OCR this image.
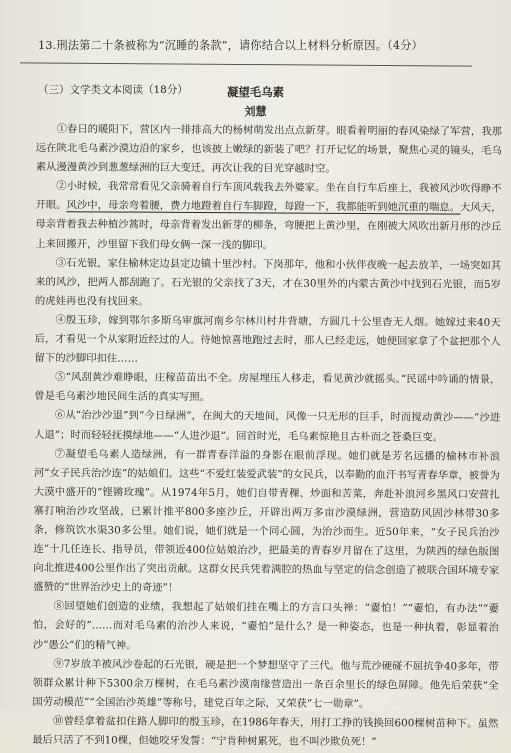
13.刑法第二十条被称为“沉睡的条款”，请你结合以上材料分析原因。（4分）
（三）文学类文本阅读（18分）	凝望毛乌素
刘慧

①春日的暖阳下，营区内一排排高大的杨树萌发出点点新芽。眼看着明丽的春风染绿了军营，我那远在陕北毛乌素沙漠边沿的家乡，也该披上嫩绿的新装了吧？打开记忆的场景，聚焦心灵的镜头，毛乌素从漫漫黄沙到葱葱绿洲的巨大变迁，再次让我的目光穿越时空。

②小时候，我常常看见父亲骑着自行车顶风载我去外婆家。坐在自行车后座上，我被风沙吹得睁不开眼。风沙中，母亲弯着腰，费力地蹬着自行车脚蹬，每蹬一下，我都能听到她沉重的喘息。大风天，母亲背着我去种植沙蒿时，母亲背着发出新芽的柳条，弯腰把上黄沙里，在刚被大风吹出新月形的沙丘上来回搬开，沙里留下我们母女俩一深一浅的脚印。

③石光银，家住榆林定边县定边镇十里沙村。下岗那年，他和小伙伴夜晚一起去放羊，一场突如其来的风沙，把两人都刮跑了。石光银的父亲找了3天，才在30里外的内蒙古黄沙中找到石光银，而5岁的虎娃再也没有找回来。

④殷玉珍，嫁到鄂尔多斯乌审旗河南乡尔林川村井背塘，方圆几十公里杳无人烟。她嫁过来40天后，才看见一个从家附近经过的人。待她惊喜地跑过去时，那人已经走远，她便回家拿了个盆把那个人留下的沙脚印扣住……

⑤“风刮黄沙难睁眼，庄稼苗苗出不全。房屋埋压人移走，看见黄沙就摇头。”民谣中吟诵的情景，曾是毛乌素沙地民间生活的真实写照。

⑥从“治沙沙退”到“今日绿洲”，在闽大的天地间，风像一只无形的巨手，时而搅动黄沙——“沙进人退”；时而轻轻抚摸绿地——“人进沙退”。回首时光，毛乌素惊艳且古朴而之苍桑巨变。

⑦凝望毛乌素人造绿洲，有一群青春洋溢的身影在眼前浮现。她们就是芳名远播的榆林市补浪河“女子民兵治沙连”的姑娘们。这些“不爱红装爱武装”的女民兵，以奉勤的血汗书写青春华章，被誉为大漠中盛开的“铿锵玫瑰”。从1974年5月，她们自带青稞、炒面和苦菜，奔赴补浪河乡黑风口安营扎寨打响治沙攻坚战，已累计推平800多座沙丘，开辟出两万多亩沙漠绿洲，营造防风固沙林带30多条，修筑饮水渠30多公里。她们说，她们就是一个同心圆，为治沙而生。近50年来，“女子民兵治沙连”十几任连长、指导员，带领近400位姑娘治沙，把最美的青春岁月留在了这里，为陕西的绿色版图向北推进400公里作出了突出贡献。这群女民兵凭着满腔的热血与坚定的信念创造了被联合国环境专家盛赞的“世界治沙史上的奇迹”！

⑧回望她们创造的业绩，我想起了姑娘们挂在嘴上的方言口头禅：“嫑怕！”“嫑怕，有办法”“嫑怕，会好的”……而对毛乌素的治沙人来说，“嫑怕”是什么？是一种姿态，也是一种执着，彰显着治沙“愚公”们的精气神。

⑨7岁放羊被风沙卷起的石光银，硬是把一个梦想坚守了三代。他与荒沙硬碰不屈抗争40多年，带领群众累计种下5300余万棵树，在毛乌素沙漠南缘营造出一条百余里长的绿色屏障。他先后荣获“全国劳动模范”“全国治沙英雄”等称号，建党百年之际，又荣获“七一勋章”。

⑩曾经拿着盆扣住路人脚印的殷玉珍，在1986年春天，用打工挣的钱换回600棵树苗种下。虽然最后只活了不到10棵，但她咬牙发誓：“宁肯种树累死，也不叫沙欺负死！”
